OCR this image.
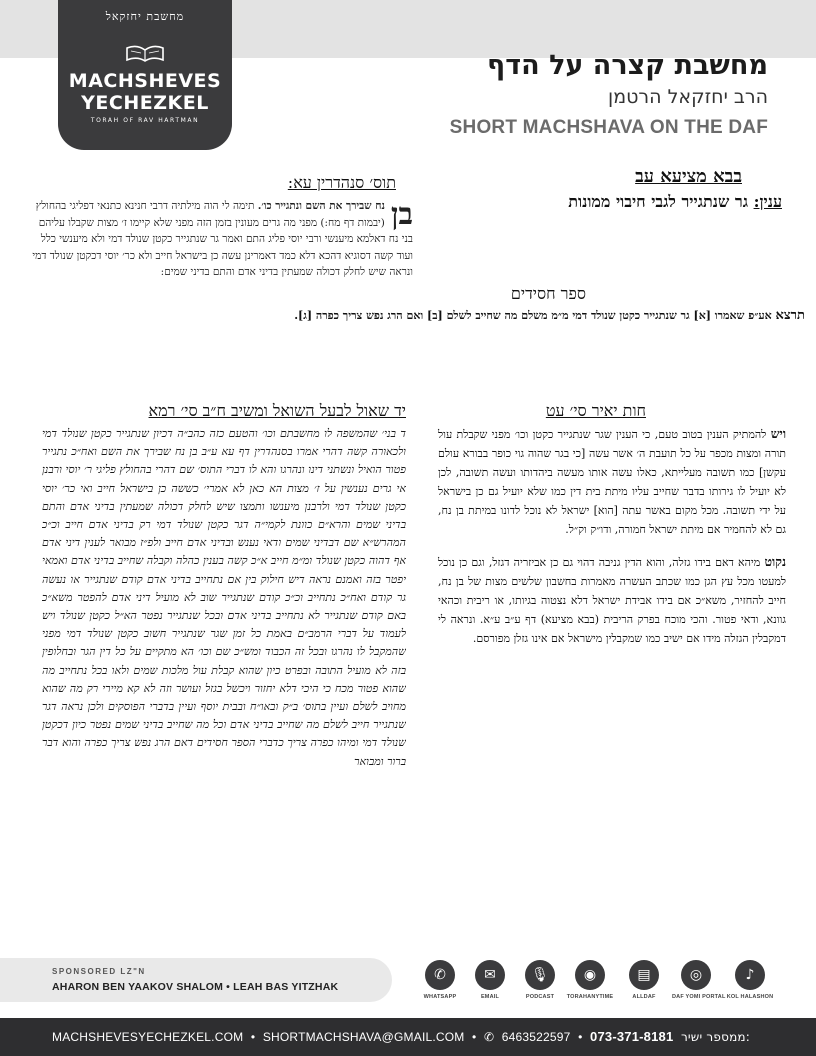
מחשבת יחזקאל
MACHSHEVES
YECHEZKEL
TORAH OF RAV HARTMAN
מחשבת קצרה על הדף
הרב יחזקאל הרטמן
SHORT MACHSHAVA ON THE DAF
בבא מציעא עב
ענין: גר שנתגייר לגבי חיבוי ממונות
תוס׳ סנהדרין עא:
בן
נח שבירך את השם ונתגייר כו׳. תימה לי הוה מילתיה דרבי חנינא כתנאי דפליגי בהחולץ (יבמות דף מח:) מפני מה גרים מעונין בזמן הזה מפני שלא קיימו ז׳ מצות שקבלו עליהם בני נח דאלמא מיענשי ורבי יוסי פליג התם ואמר גר שנתגייר כקטן שנולד דמי ולא מיענשי כלל ועוד קשה דסוגיא דהכא דלא כמד דאמרינן עשה כן בישראל חייב ולא כר׳ יוסי דכקטן שנולד דמי ונראה שיש לחלק דכולה שמעתין בדיני אדם והתם בדיני שמים:
ספר חסידים
תרצא אע״פ שאמרו [א] גר שנתגייר כקטן שנולד דמי מ״מ משלם מה שחייב לשלם [ב] ואם הרג נפש צריך כפרה [ג].
יד שאול לבעל השואל ומשיב ח״ב סי׳ רמא
ד בני׳ שהמשפה לו מחשבתם וכו׳ והטעם כזה כהב״ה דכיון שנתגייר כקטן שנולד דמי ולכאורה קשה דהרי אמרו בסנהדרין דף עא ע״ב בן נח שבירך את השם ואח״כ נתגייר פטור הואיל ונשתני דינו ונהרגו והא לו דברי התוס׳ שם דהרי בהחולץ פליגי ר׳ יוסי ורבנן אי גרים נענשין על ז׳ מצות הא כאן לא אמרי׳ כששה כן בישראל חייב ואי כר׳ יוסי כקטן שנולד דמי ולרבנן מיענשו ותמצו שיש לחלק דכולה שמעתין בדיני אדם והתם בדיני שמים והרא״ם כוונת לקמי״ה דגר כקטן שנולד דמי רק בדיני אדם חייב וכ״כ המהרש״א שם דבדיני שמים ודאי נענש ובדיני אדם חייב ולפ״ז מבואר לענין דיני אדם אף דהוה כקטן שנולד ומ״מ חייב א״כ קשה בענין כהלה וקבלה שחייב בדיני אדם ואמאי יפטר בזה ואמנם נראה דיש חילוק בין אם נתחייב בדיני אדם קודם שנתגייר או נעשה גר קודם ואח״כ נתחייב וכ״כ קודם שנתגייר שוב לא מועיל דיני אדם להפטר משא״כ באם קודם שנתגייר לא נתחייב בדיני אדם ובכל שנתגייר נפטר הא״ל כקטן שנולד ויש לעמוד על דברי הרמב״ם באמת כל זמן שגר שנתגייר חשוב כקטן שנולד דמי מפני שהמקבל לו נהרגו ובכל זה הכבוד ומש״כ שם וכו׳ הא מתקיים על כל דין הגר ובחלופין בזה לא מועיל התובה ובפרט כיון שהוא קבלת עול מלכות שמים ולאו בכל נתחייב מה שהוא פטור מכח כי היכי דלא יחזור ויכשל בגזל ועושר וזה לא קא מיירי רק מה שהוא מחויב לשלם ועיין בתוס׳ ב״ק ובאו״ח ובבית יוסף ועיין בדברי הפוסקים ולכן נראה דגר שנתגייר חייב לשלם מה שחייב בדיני אדם וכל מה שחייב בדיני שמים נפטר כיון דכקטן שנולד דמי ומיהו כפרה צריך כדברי הספר חסידים דאם הרג נפש צריך כפרה והוא דבר ברור ומבואר
חות יאיר סי׳ עט

ויש להמתיק הענין בטוב טעם, כי הענין שגר שנתגייר כקטן וכו׳ מפני שקבלת עול תורה ומצות מכפר על כל תועבת ה׳ אשר עשה [כי בגר שהוה גוי כופר בבורא עולם עקשן] כמו תשובה מעלייתא, כאלו עשה אותו מעשה ביהדותו ועשה תשובה, לכן לא יועיל לו גירותו בדבר שחייב עליו מיתת בית דין כמו שלא יועיל גם כן בישראל על ידי תשובה. מכל מקום באשר עתה [הוא] ישראל לא נוכל לדונו במיתת בן נח, גם לא להחמיר אם מיתת ישראל חמורה, ודו״ק וק״ל.

נקוט מיהא דאם בידו גזלה, והוא הדין גניבה דהוי גם כן אביזריה דגזל, וגם כן נוכל למעטו מכל עץ הגן כמו שכתב העשרה מאמרות בחשבון שלשים מצות של בן נח, חייב להחזיר, משא״כ אם בידו אבידת ישראל דלא נצטוה בגיותו, או ריבית וכהאי גוונא, ודאי פטור. והכי מוכח בפרק הריבית (בבא מציעא) דף ע״ב ע״א. ונראה לי דמקבלין הגזלה מידו אם ישיב כמו שמקבלין מישראל אם אינו גזלן מפורסם.

SPONSORED LZ"N
AHARON BEN YAAKOV SHALOM • LEAH BAS YITZHAK
✆
WHATSAPP
✉
EMAIL
🎙
PODCAST
◉
TORAHANYTIME
▤
ALLDAF
◎
DAF YOMI PORTAL
♪
KOL HALASHON
MACHSHEVESYECHEZKEL.COM • SHORTMACHSHAVA@GMAIL.COM • ✆ 6463522597 • 073-371-8181 ממספר ישיר:
